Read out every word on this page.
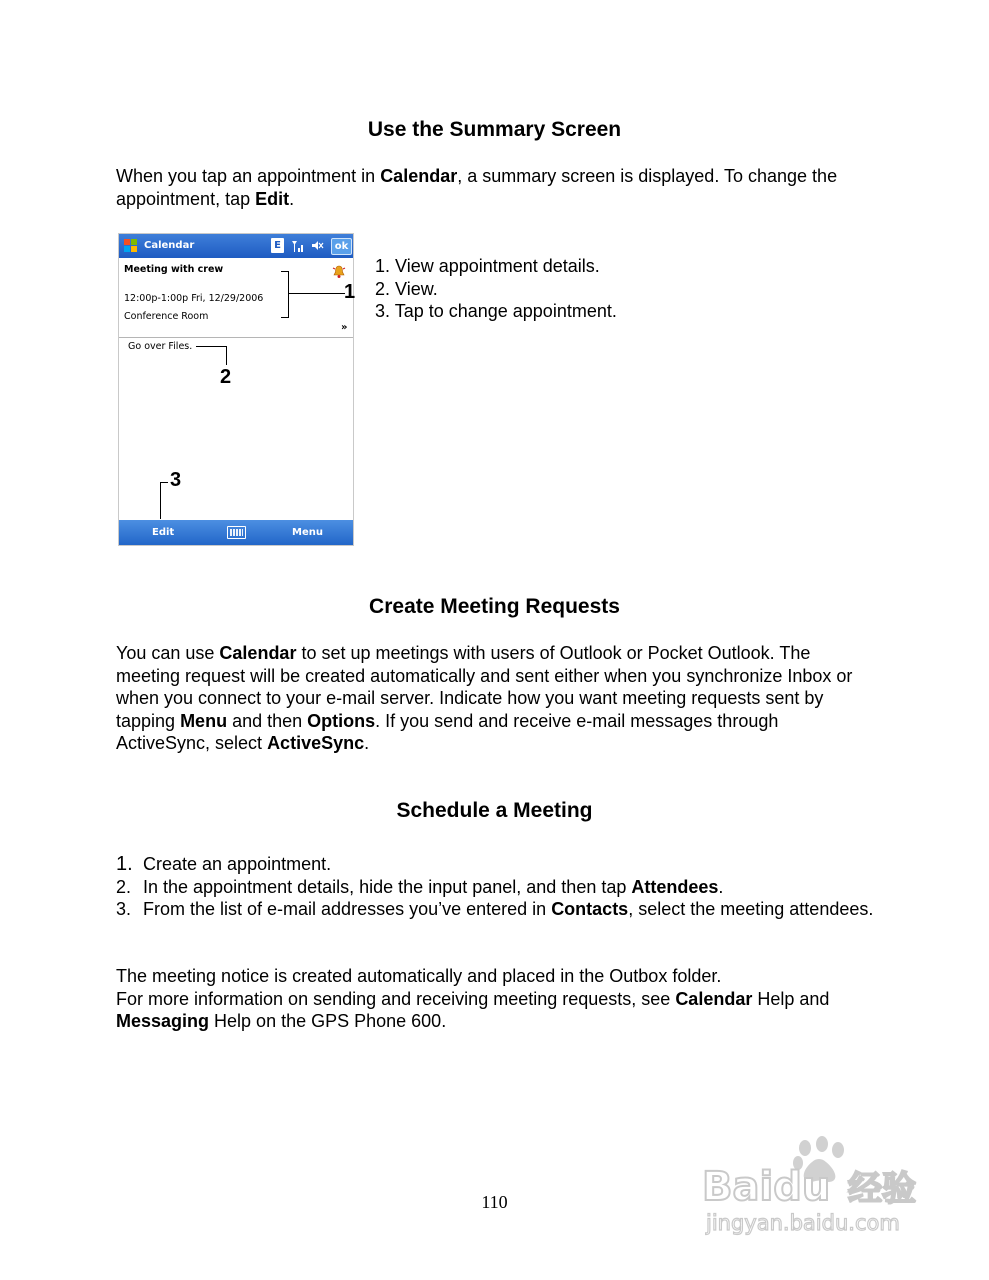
Use the Summary Screen

When you tap an appointment in Calendar, a summary screen is displayed. To change the appointment, tap Edit.

Calendar	E	ok
Meeting with crew
12:00p-1:00p Fri, 12/29/2006
Conference Room
»
Go over Files.
Edit	Menu
1
2
3
1. View appointment details.
2. View.
3. Tap to change appointment.
Create Meeting Requests

You can use Calendar to set up meetings with users of Outlook or Pocket Outlook. The meeting request will be created automatically and sent either when you synchronize Inbox or when you connect to your e-mail server. Indicate how you want meeting requests sent by tapping Menu and then Options. If you send and receive e-mail messages through ActiveSync, select ActiveSync.

Schedule a Meeting
1. Create an appointment.
2. In the appointment details, hide the input panel, and then tap Attendees.
3. From the list of e-mail addresses you’ve entered in Contacts, select the meeting attendees.

The meeting notice is created automatically and placed in the Outbox folder.
For more information on sending and receiving meeting requests, see Calendar Help and Messaging Help on the GPS Phone 600.

Baidu 经验
jingyan.baidu.com
110
